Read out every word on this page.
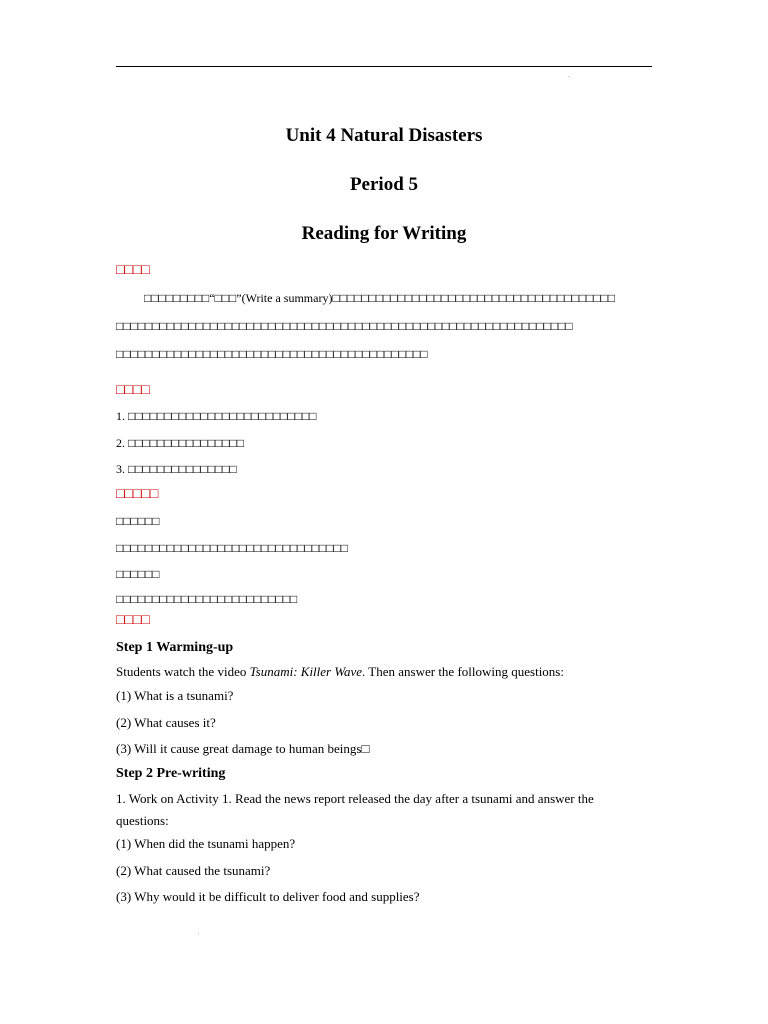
.
Unit 4 Natural Disasters
Period 5
Reading for Writing
□□□□
□□□□□□□□□“□□□”(Write a summary)□□□□□□□□□□□□□□□□□□□□□□□□□□□□□□□□□□□□□□□
□□□□□□□□□□□□□□□□□□□□□□□□□□□□□□□□□□□□□□□□□□□□□□□□□□□□□□□□□□□□□□□
□□□□□□□□□□□□□□□□□□□□□□□□□□□□□□□□□□□□□□□□□□□
□□□□
1. □□□□□□□□□□□□□□□□□□□□□□□□□□
2. □□□□□□□□□□□□□□□□
3. □□□□□□□□□□□□□□□
□□□□□
□□□□□□
□□□□□□□□□□□□□□□□□□□□□□□□□□□□□□□□
□□□□□□
□□□□□□□□□□□□□□□□□□□□□□□□□
□□□□
Step 1 Warming-up
Students watch the video Tsunami: Killer Wave. Then answer the following questions:
(1) What is a tsunami?
(2) What causes it?
(3) Will it cause great damage to human beings□
Step 2 Pre-writing
1. Work on Activity 1. Read the news report released the day after a tsunami and answer the
questions:
(1) When did the tsunami happen?
(2) What caused the tsunami?
(3) Why would it be difficult to deliver food and supplies?
.
